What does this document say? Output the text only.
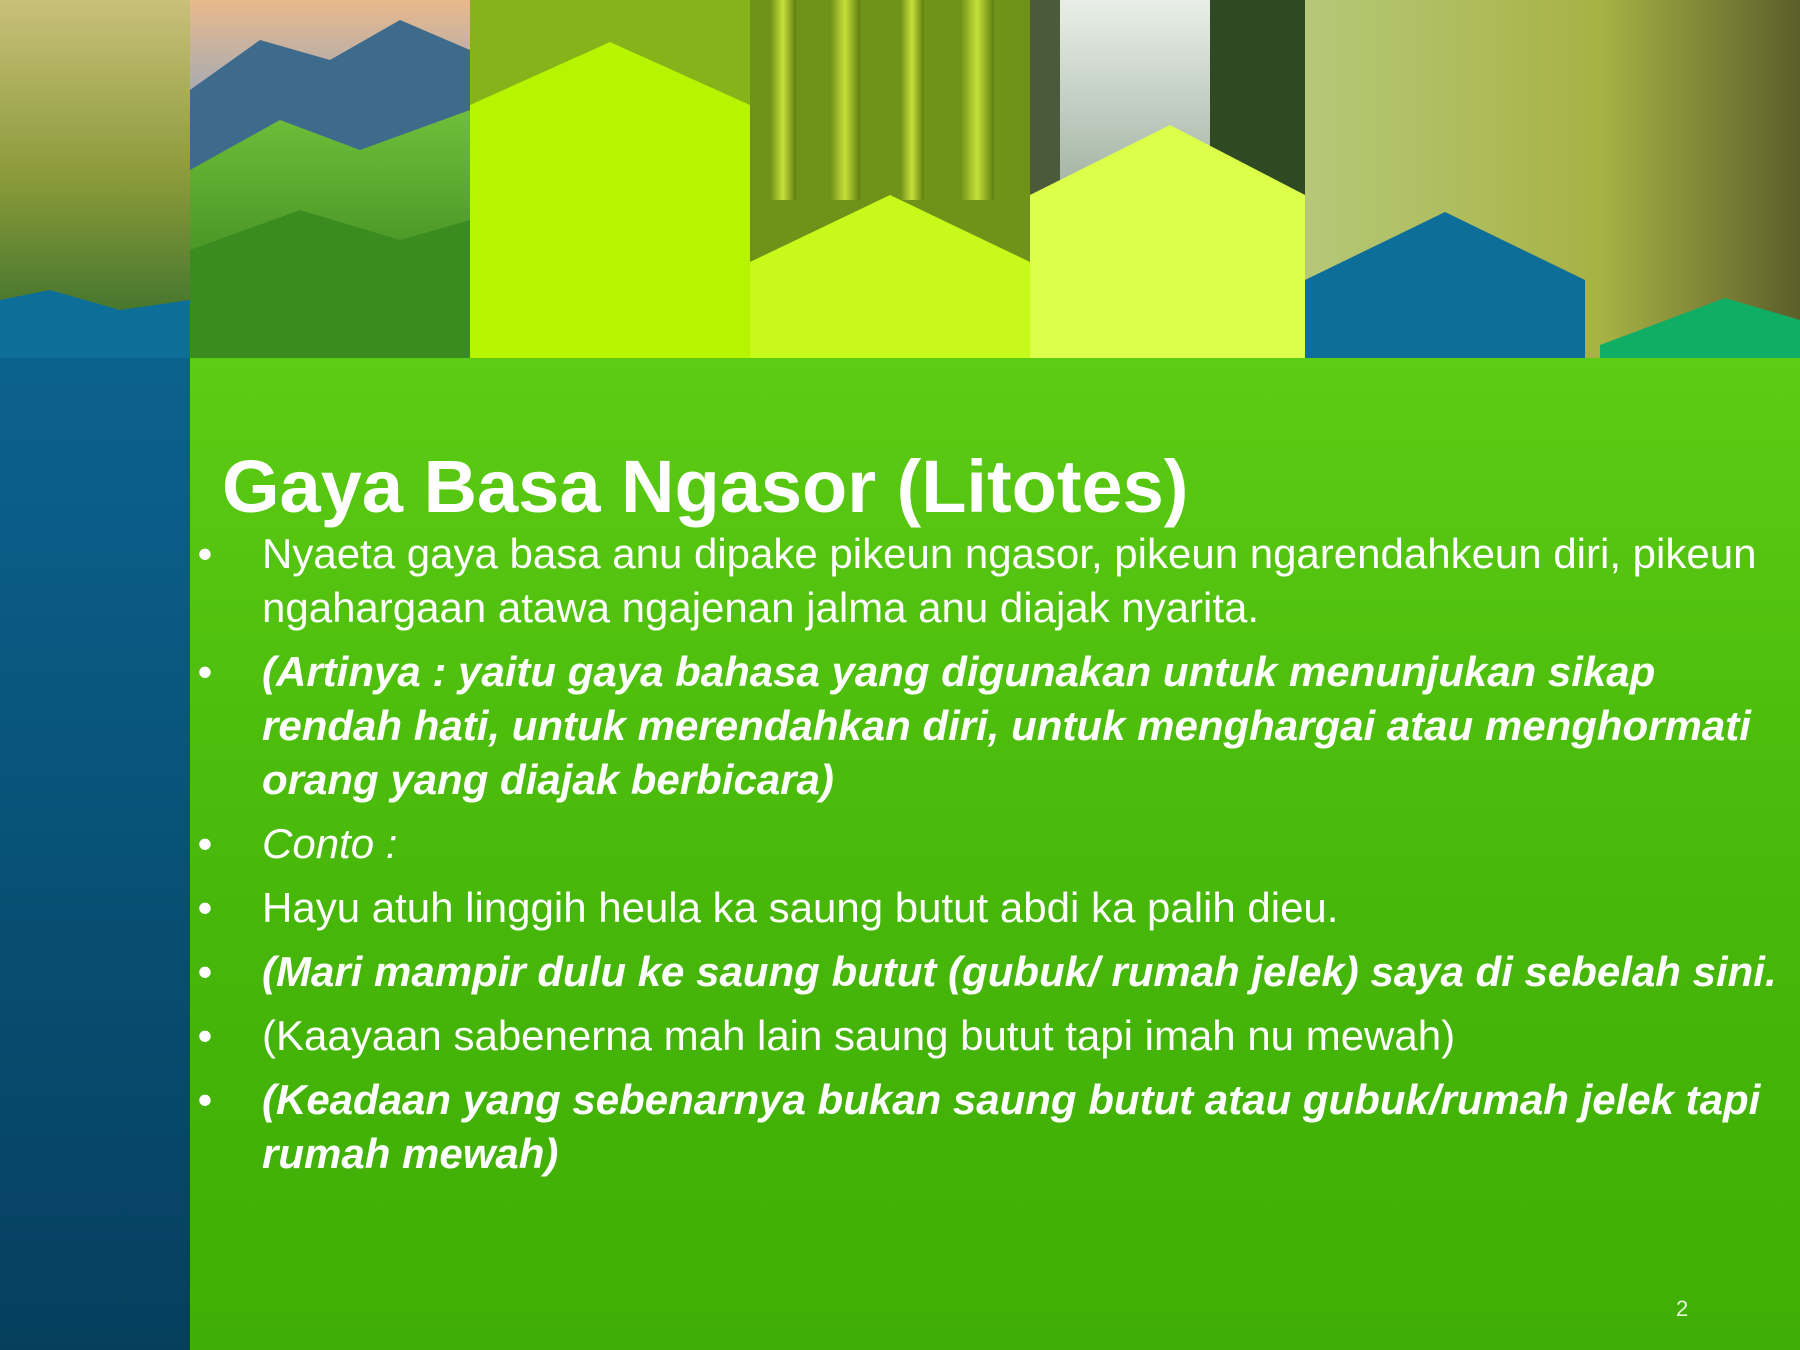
Gaya Basa Ngasor (Litotes)
• Nyaeta gaya basa anu dipake pikeun ngasor, pikeun ngarendahkeun diri, pikeun ngahargaan atawa ngajenan jalma anu diajak nyarita.
• (Artinya : yaitu gaya bahasa yang digunakan untuk menunjukan sikap rendah hati, untuk merendahkan diri, untuk menghargai atau menghormati orang yang diajak berbicara)
• Conto :
• Hayu atuh linggih heula ka saung butut abdi ka palih dieu.
• (Mari mampir dulu ke saung butut (gubuk/ rumah jelek) saya di sebelah sini.
• (Kaayaan sabenerna mah lain saung butut tapi imah nu mewah)
• (Keadaan yang sebenarnya bukan saung butut atau gubuk/rumah jelek tapi rumah mewah)
2
